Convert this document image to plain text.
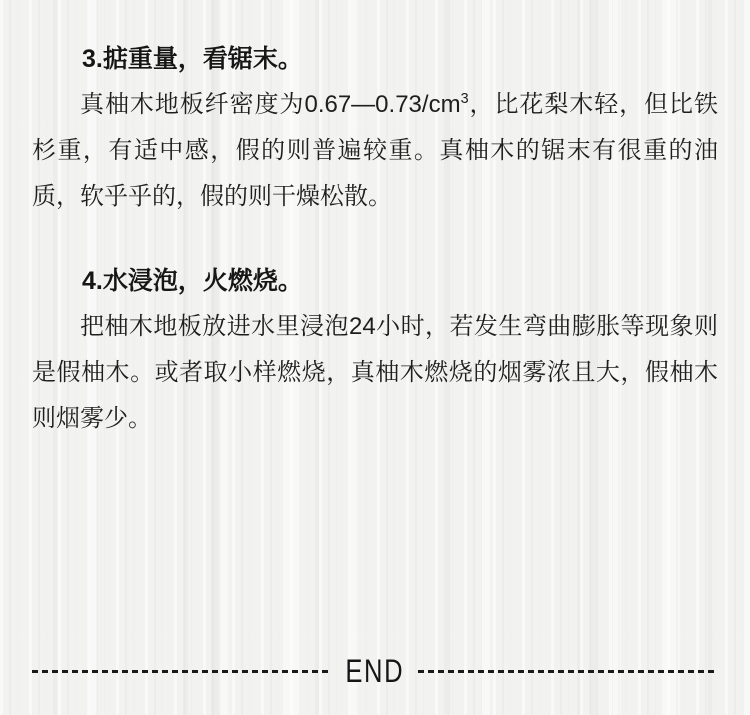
3.掂重量，看锯末。

真柚木地板纤密度为$0.67—0.73/cm^3$，比花梨木轻，但比铁

杉重，有适中感，假的则普遍较重。真柚木的锯末有很重的油

质，软乎乎的，假的则干燥松散。

4.水浸泡，火燃烧。

把柚木地板放进水里浸泡24小时，若发生弯曲膨胀等现象则

是假柚木。或者取小样燃烧，真柚木燃烧的烟雾浓且大，假柚木

则烟雾少。

END
